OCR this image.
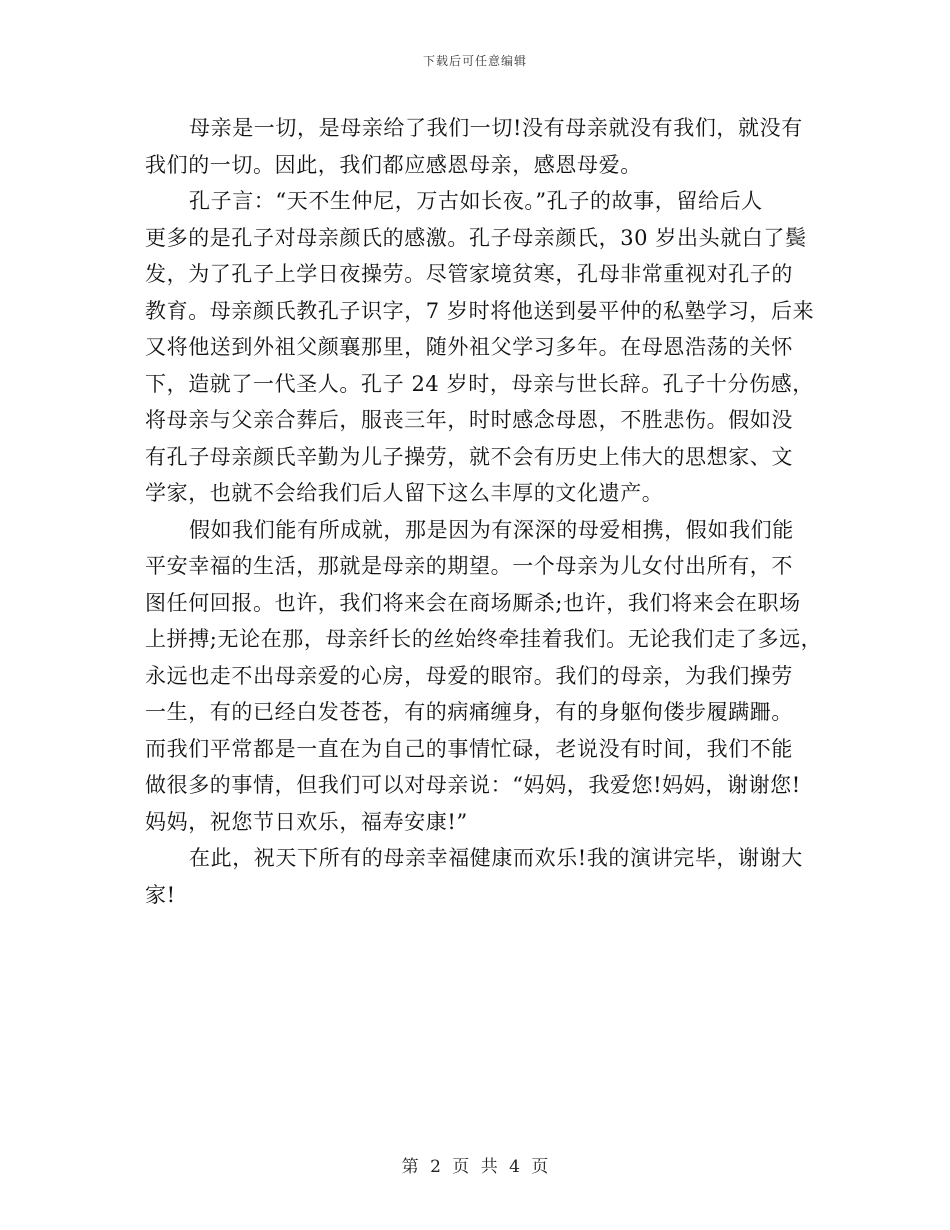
下载后可任意编辑
母亲是一切，是母亲给了我们一切!没有母亲就没有我们，就没有
我们的一切。因此，我们都应感恩母亲，感恩母爱。
孔子言：“天不生仲尼，万古如长夜。”孔子的故事，留给后人
更多的是孔子对母亲颜氏的感激。孔子母亲颜氏，30 岁出头就白了鬓
发，为了孔子上学日夜操劳。尽管家境贫寒，孔母非常重视对孔子的
教育。母亲颜氏教孔子识字，7 岁时将他送到晏平仲的私塾学习，后来
又将他送到外祖父颜襄那里，随外祖父学习多年。在母恩浩荡的关怀
下，造就了一代圣人。孔子 24 岁时，母亲与世长辞。孔子十分伤感，
将母亲与父亲合葬后，服丧三年，时时感念母恩，不胜悲伤。假如没
有孔子母亲颜氏辛勤为儿子操劳，就不会有历史上伟大的思想家、文
学家，也就不会给我们后人留下这么丰厚的文化遗产。
假如我们能有所成就，那是因为有深深的母爱相携，假如我们能
平安幸福的生活，那就是母亲的期望。一个母亲为儿女付出所有，不
图任何回报。也许，我们将来会在商场厮杀;也许，我们将来会在职场
上拼搏;无论在那，母亲纤长的丝始终牵挂着我们。无论我们走了多远，
永远也走不出母亲爱的心房，母爱的眼帘。我们的母亲，为我们操劳
一生，有的已经白发苍苍，有的病痛缠身，有的身躯佝偻步履蹒跚。
而我们平常都是一直在为自己的事情忙碌，老说没有时间，我们不能
做很多的事情，但我们可以对母亲说：“妈妈，我爱您!妈妈，谢谢您!
妈妈，祝您节日欢乐，福寿安康!”
在此，祝天下所有的母亲幸福健康而欢乐!我的演讲完毕，谢谢大
家!
第 2 页 共 4 页
